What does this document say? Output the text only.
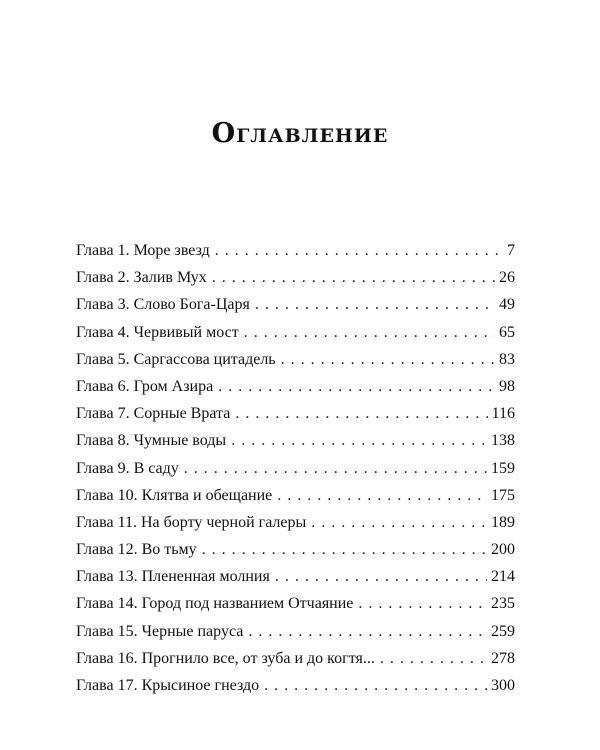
Оглавление
Глава 1. Море звезд . . .	7
Глава 2. Залив Мух . . .	26
Глава 3. Слово Бога-Царя . . .	49
Глава 4. Червивый мост . . .	65
Глава 5. Саргассова цитадель . . .	83
Глава 6. Гром Азира . . .	98
Глава 7. Сорные Врата . . .	116
Глава 8. Чумные воды . . .	138
Глава 9. В саду . . .	159
Глава 10. Клятва и обещание . . .	175
Глава 11. На борту черной галеры . . .	189
Глава 12. Во тьму . . .	200
Глава 13. Плененная молния . . .	214
Глава 14. Город под названием Отчаяние . . .	235
Глава 15. Черные паруса . . .	259
Глава 16. Прогнило все, от зуба и до когтя... . . .	278
Глава 17. Крысиное гнездо . . .	300
